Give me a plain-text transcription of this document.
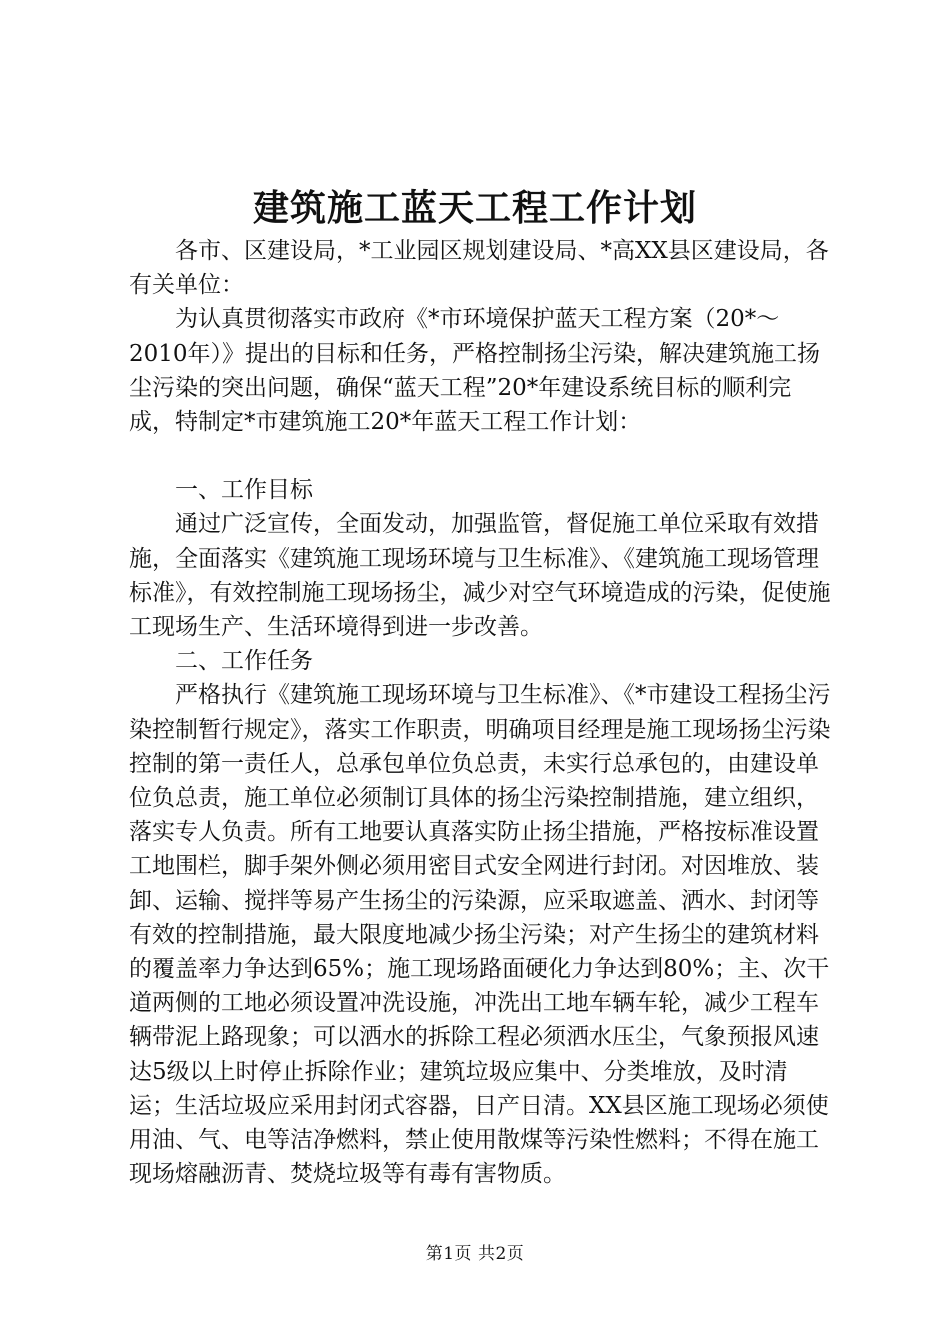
建筑施工蓝天工程工作计划

各市、区建设局，*工业园区规划建设局、*高XX县区建设局，各有关单位：

为认真贯彻落实市政府《*市环境保护蓝天工程方案（20*～2010年）》提出的目标和任务，严格控制扬尘污染，解决建筑施工扬尘污染的突出问题，确保“蓝天工程”20*年建设系统目标的顺利完成，特制定*市建筑施工20*年蓝天工程工作计划：

一、工作目标

通过广泛宣传，全面发动，加强监管，督促施工单位采取有效措施，全面落实《建筑施工现场环境与卫生标准》、《建筑施工现场管理标准》，有效控制施工现场扬尘，减少对空气环境造成的污染，促使施工现场生产、生活环境得到进一步改善。

二、工作任务

严格执行《建筑施工现场环境与卫生标准》、《*市建设工程扬尘污染控制暂行规定》，落实工作职责，明确项目经理是施工现场扬尘污染控制的第一责任人，总承包单位负总责，未实行总承包的，由建设单位负总责，施工单位必须制订具体的扬尘污染控制措施，建立组织，落实专人负责。所有工地要认真落实防止扬尘措施，严格按标准设置工地围栏，脚手架外侧必须用密目式安全网进行封闭。对因堆放、装卸、运输、搅拌等易产生扬尘的污染源，应采取遮盖、洒水、封闭等有效的控制措施，最大限度地减少扬尘污染；对产生扬尘的建筑材料的覆盖率力争达到65%；施工现场路面硬化力争达到80%；主、次干道两侧的工地必须设置冲洗设施，冲洗出工地车辆车轮，减少工程车辆带泥上路现象；可以洒水的拆除工程必须洒水压尘，气象预报风速达5级以上时停止拆除作业；建筑垃圾应集中、分类堆放，及时清运；生活垃圾应采用封闭式容器，日产日清。XX县区施工现场必须使用油、气、电等洁净燃料，禁止使用散煤等污染性燃料；不得在施工现场熔融沥青、焚烧垃圾等有毒有害物质。

第1页 共2页
